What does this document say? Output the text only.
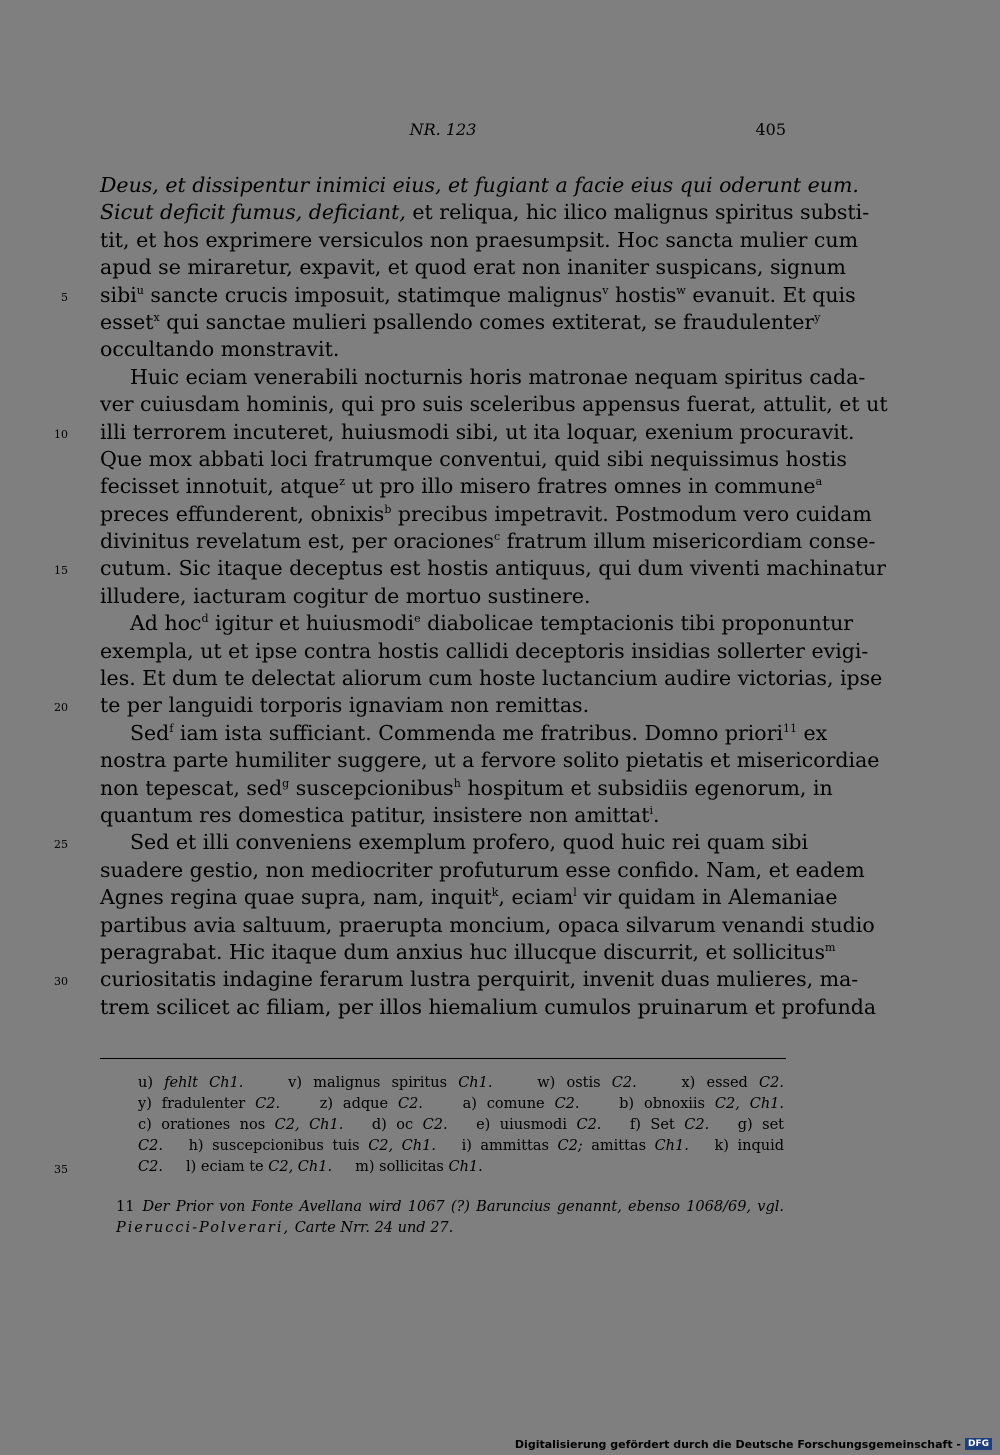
NR. 123	405
Deus, et dissipentur inimici eius, et fugiant a facie eius qui oderunt eum.
Sicut deficit fumus, deficiant, et reliqua, hic ilico malignus spiritus substi-
tit, et hos exprimere versiculos non praesumpsit. Hoc sancta mulier cum
apud se miraretur, expavit, et quod erat non inaniter suspicans, signum
5 sibi$^u$ sancte crucis imposuit, statimque malignus$^v$ hostis$^w$ evanuit. Et quis
esset$^x$ qui sanctae mulieri psallendo comes extiterat, se fraudulenter$^y$
occultando monstravit.
Huic eciam venerabili nocturnis horis matronae nequam spiritus cada-
ver cuiusdam hominis, qui pro suis sceleribus appensus fuerat, attulit, et ut
10 illi terrorem incuteret, huiusmodi sibi, ut ita loquar, exenium procuravit.
Que mox abbati loci fratrumque conventui, quid sibi nequissimus hostis
fecisset innotuit, atque$^z$ ut pro illo misero fratres omnes in commune$^a$
preces effunderent, obnixis$^b$ precibus impetravit. Postmodum vero cuidam
divinitus revelatum est, per oraciones$^c$ fratrum illum misericordiam conse-
15 cutum. Sic itaque deceptus est hostis antiquus, qui dum viventi machinatur
illudere, iacturam cogitur de mortuo sustinere.
Ad hoc$^d$ igitur et huiusmodi$^e$ diabolicae temptacionis tibi proponuntur
exempla, ut et ipse contra hostis callidi deceptoris insidias sollerter evigi-
les. Et dum te delectat aliorum cum hoste luctancium audire victorias, ipse
20 te per languidi torporis ignaviam non remittas.
Sed$^f$ iam ista sufficiant. Commenda me fratribus. Domno priori$^{11}$ ex
nostra parte humiliter suggere, ut a fervore solito pietatis et misericordiae
non tepescat, sed$^g$ suscepcionibus$^h$ hospitum et subsidiis egenorum, in
quantum res domestica patitur, insistere non amittat$^i$.
25	Sed et illi conveniens exemplum profero, quod huic rei quam sibi
suadere gestio, non mediocriter profuturum esse confido. Nam, et eadem
Agnes regina quae supra, nam, inquit$^k$, eciam$^l$ vir quidam in Alemaniae
partibus avia saltuum, praerupta moncium, opaca silvarum venandi studio
peragrabat. Hic itaque dum anxius huc illucque discurrit, et sollicitus$^m$
30 curiositatis indagine ferarum lustra perquirit, invenit duas mulieres, ma-
trem scilicet ac filiam, per illos hiemalium cumulos pruinarum et profunda
u) fehlt Ch1.    v) malignus spiritus Ch1.    w) ostis C2.    x) essed C2.
y) fradulenter C2.    z) adque C2.    a) comune C2.    b) obnoxiis C2, Ch1.
c) orationes nos C2, Ch1.   d) oc C2.   e) uiusmodi C2.   f) Set C2.   g) set
C2.   h) suscepcionibus tuis C2, Ch1.   i) ammittas C2; amittas Ch1.   k) inquid
35	C2.     l) eciam te C2, Ch1.     m) sollicitas Ch1.
11 Der Prior von Fonte Avellana wird 1067 (?) Baruncius genannt, ebenso 1068/69, vgl.
Pierucci-Polverari, Carte Nrr. 24 und 27.
Digitalisierung gefördert durch die Deutsche Forschungsgemeinschaft - DFG
